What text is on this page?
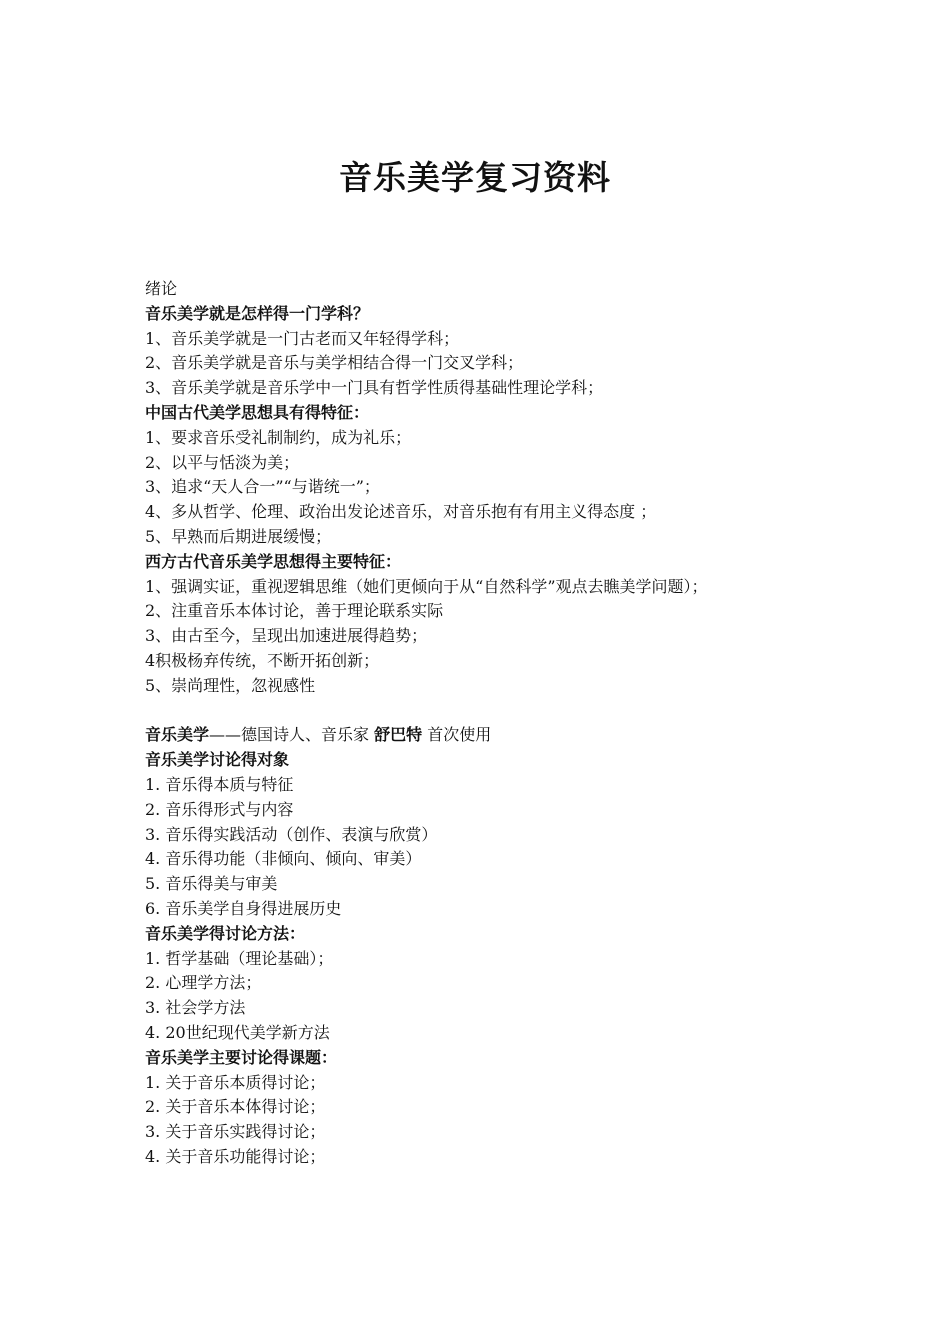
音乐美学复习资料

绪论

音乐美学就是怎样得一门学科？

1、音乐美学就是一门古老而又年轻得学科；

2、音乐美学就是音乐与美学相结合得一门交叉学科；

3、音乐美学就是音乐学中一门具有哲学性质得基础性理论学科；

中国古代美学思想具有得特征：

1、要求音乐受礼制制约，成为礼乐；

2、以平与恬淡为美；

3、追求“天人合一”“与谐统一”；

4、多从哲学、伦理、政治出发论述音乐，对音乐抱有有用主义得态度 ；

5、早熟而后期进展缓慢；

西方古代音乐美学思想得主要特征：

1、强调实证，重视逻辑思维（她们更倾向于从“自然科学”观点去瞧美学问题）；

2、注重音乐本体讨论，善于理论联系实际

3、由古至今，呈现出加速进展得趋势；

4积极杨弃传统，不断开拓创新；

5、崇尚理性，忽视感性

音乐美学——德国诗人、音乐家 舒巴特 首次使用

音乐美学讨论得对象

1. 音乐得本质与特征

2. 音乐得形式与内容

3. 音乐得实践活动（创作、表演与欣赏）

4. 音乐得功能（非倾向、倾向、审美）

5. 音乐得美与审美

6. 音乐美学自身得进展历史

音乐美学得讨论方法：

1. 哲学基础（理论基础）；

2. 心理学方法；

3. 社会学方法

4. 20世纪现代美学新方法

音乐美学主要讨论得课题：

1. 关于音乐本质得讨论；

2. 关于音乐本体得讨论；

3. 关于音乐实践得讨论；

4. 关于音乐功能得讨论；
